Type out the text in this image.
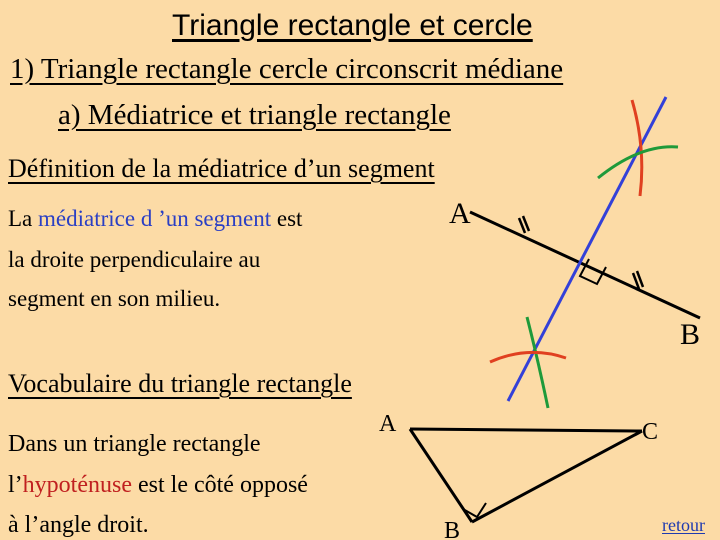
Triangle rectangle et cercle
1) Triangle rectangle cercle circonscrit médiane
a) Médiatrice et triangle rectangle
Définition de la médiatrice d’un segment
La médiatrice d ’un segment est
la droite perpendiculaire au
segment en son milieu.
Vocabulaire du triangle rectangle
Dans un triangle rectangle
l’hypoténuse est le côté opposé
à l’angle droit.
A
B
A
B
C
retour
